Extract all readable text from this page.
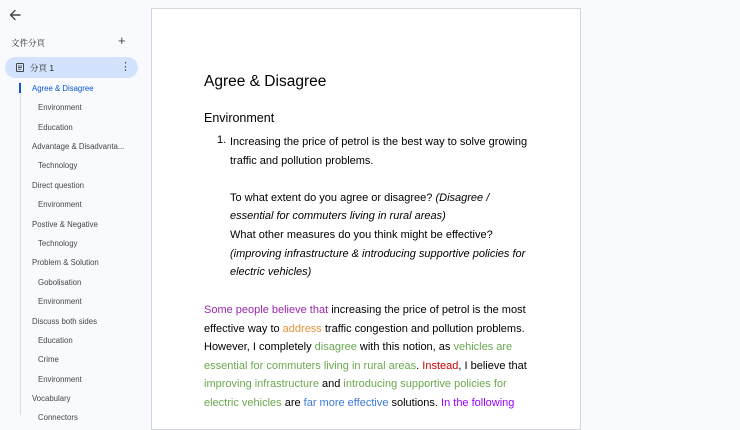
文件分頁	+
分頁 1	⋮
Agree & Disagree
Environment
Education
Advantage & Disadvanta...
Technology
Direct question
Environment
Postive & Negative
Technology
Problem & Solution
Gobolisation
Environment
Discuss both sides
Education
Crime
Environment
Vocabulary
Connectors
Agree & Disagree
Environment
1. Increasing the price of petrol is the best way to solve growing

traffic and pollution problems.

To what extent do you agree or disagree? (Disagree /

essential for commuters living in rural areas)

What other measures do you think might be effective?

(improving infrastructure & introducing supportive policies for

electric vehicles)

Some people believe that increasing the price of petrol is the most

effective way to address traffic congestion and pollution problems.

However, I completely disagree with this notion, as vehicles are

essential for commuters living in rural areas. Instead, I believe that

improving infrastructure and introducing supportive policies for

electric vehicles are far more effective solutions. In the following
